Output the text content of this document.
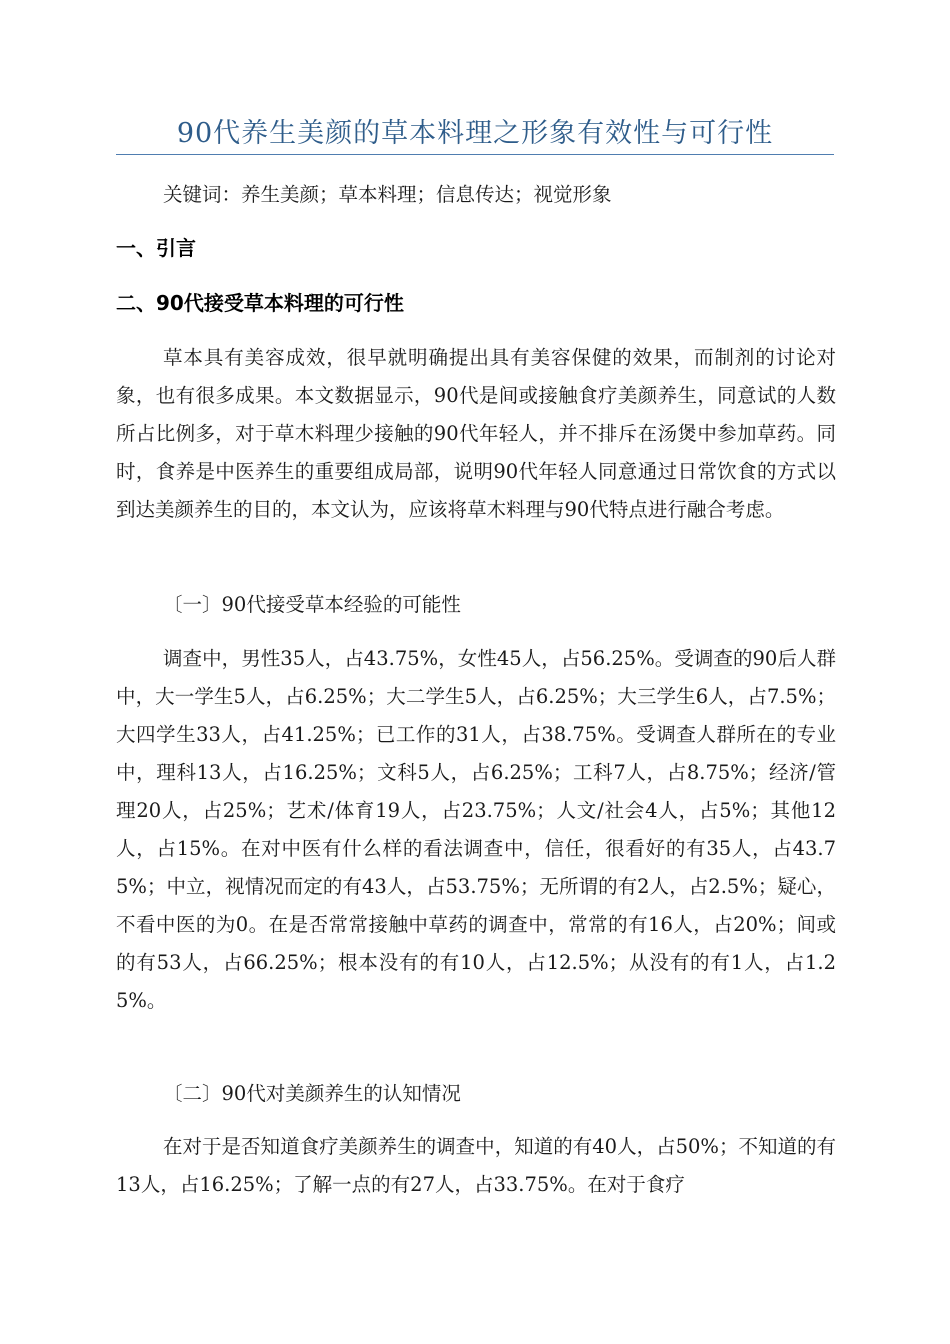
90代养生美颜的草本料理之形象有效性与可行性
关键词：养生美颜；草本料理；信息传达；视觉形象
一、引言
二、90代接受草本料理的可行性

草本具有美容成效，很早就明确提出具有美容保健的效果，而制剂的讨论对象，也有很多成果。本文数据显示，90代是间或接触食疗美颜养生，同意试的人数所占比例多，对于草木料理少接触的90代年轻人，并不排斥在汤煲中参加草药。同时，食养是中医养生的重要组成局部，说明90代年轻人同意通过日常饮食的方式以到达美颜养生的目的，本文认为，应该将草木料理与90代特点进行融合考虑。

〔一〕90代接受草本经验的可能性

调查中，男性35人，占43.75%，女性45人，占56.25%。受调查的90后人群中，大一学生5人，占6.25%；大二学生5人，占6.25%；大三学生6人，占7.5%；大四学生33人，占41.25%；已工作的31人，占38.75%。受调查人群所在的专业中，理科13人，占16.25%；文科5人，占6.25%；工科7人，占8.75%；经济/管理20人，占25%；艺术/体育19人，占23.75%；人文/社会4人，占5%；其他12人，占15%。在对中医有什么样的看法调查中，信任，很看好的有35人，占43.75%；中立，视情况而定的有43人，占53.75%；无所谓的有2人，占2.5%；疑心，不看中医的为0。在是否常常接触中草药的调查中，常常的有16人，占20%；间或的有53人，占66.25%；根本没有的有10人，占12.5%；从没有的有1人，占1.25%。

〔二〕90代对美颜养生的认知情况

在对于是否知道食疗美颜养生的调查中，知道的有40人，占50%；不知道的有13人，占16.25%；了解一点的有27人，占33.75%。在对于食疗
